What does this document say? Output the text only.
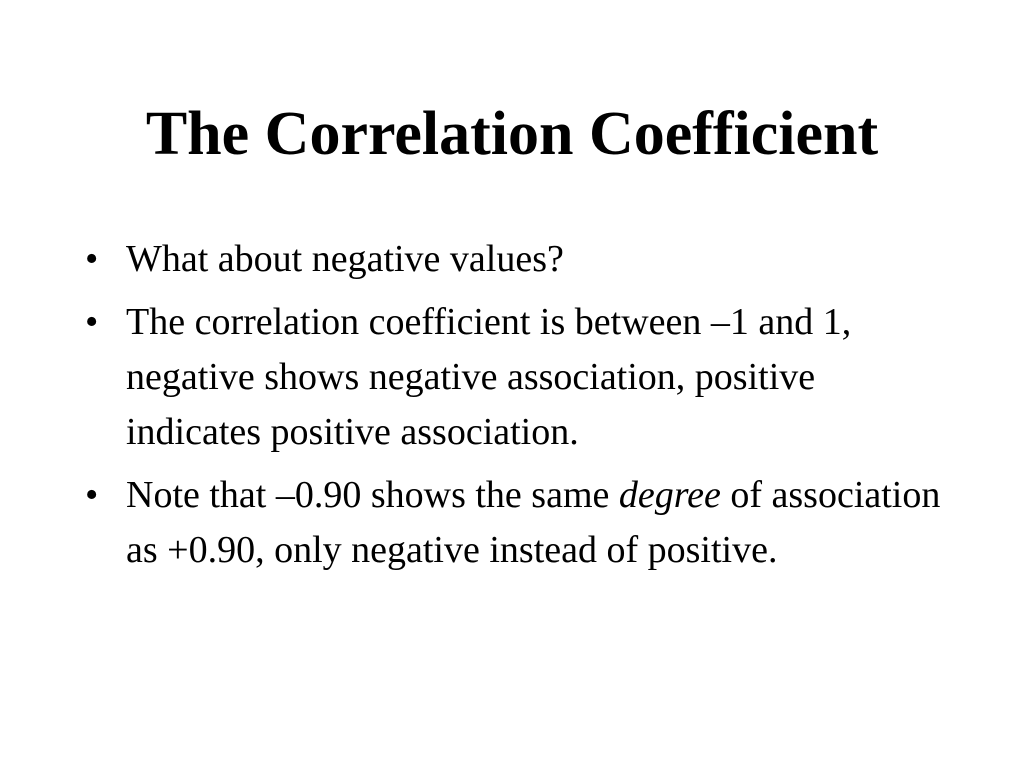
The Correlation Coefficient
• What about negative values?
• The correlation coefficient is between –1 and 1, negative shows negative association, positive indicates positive association.
• Note that –0.90 shows the same degree of association as +0.90, only negative instead of positive.
